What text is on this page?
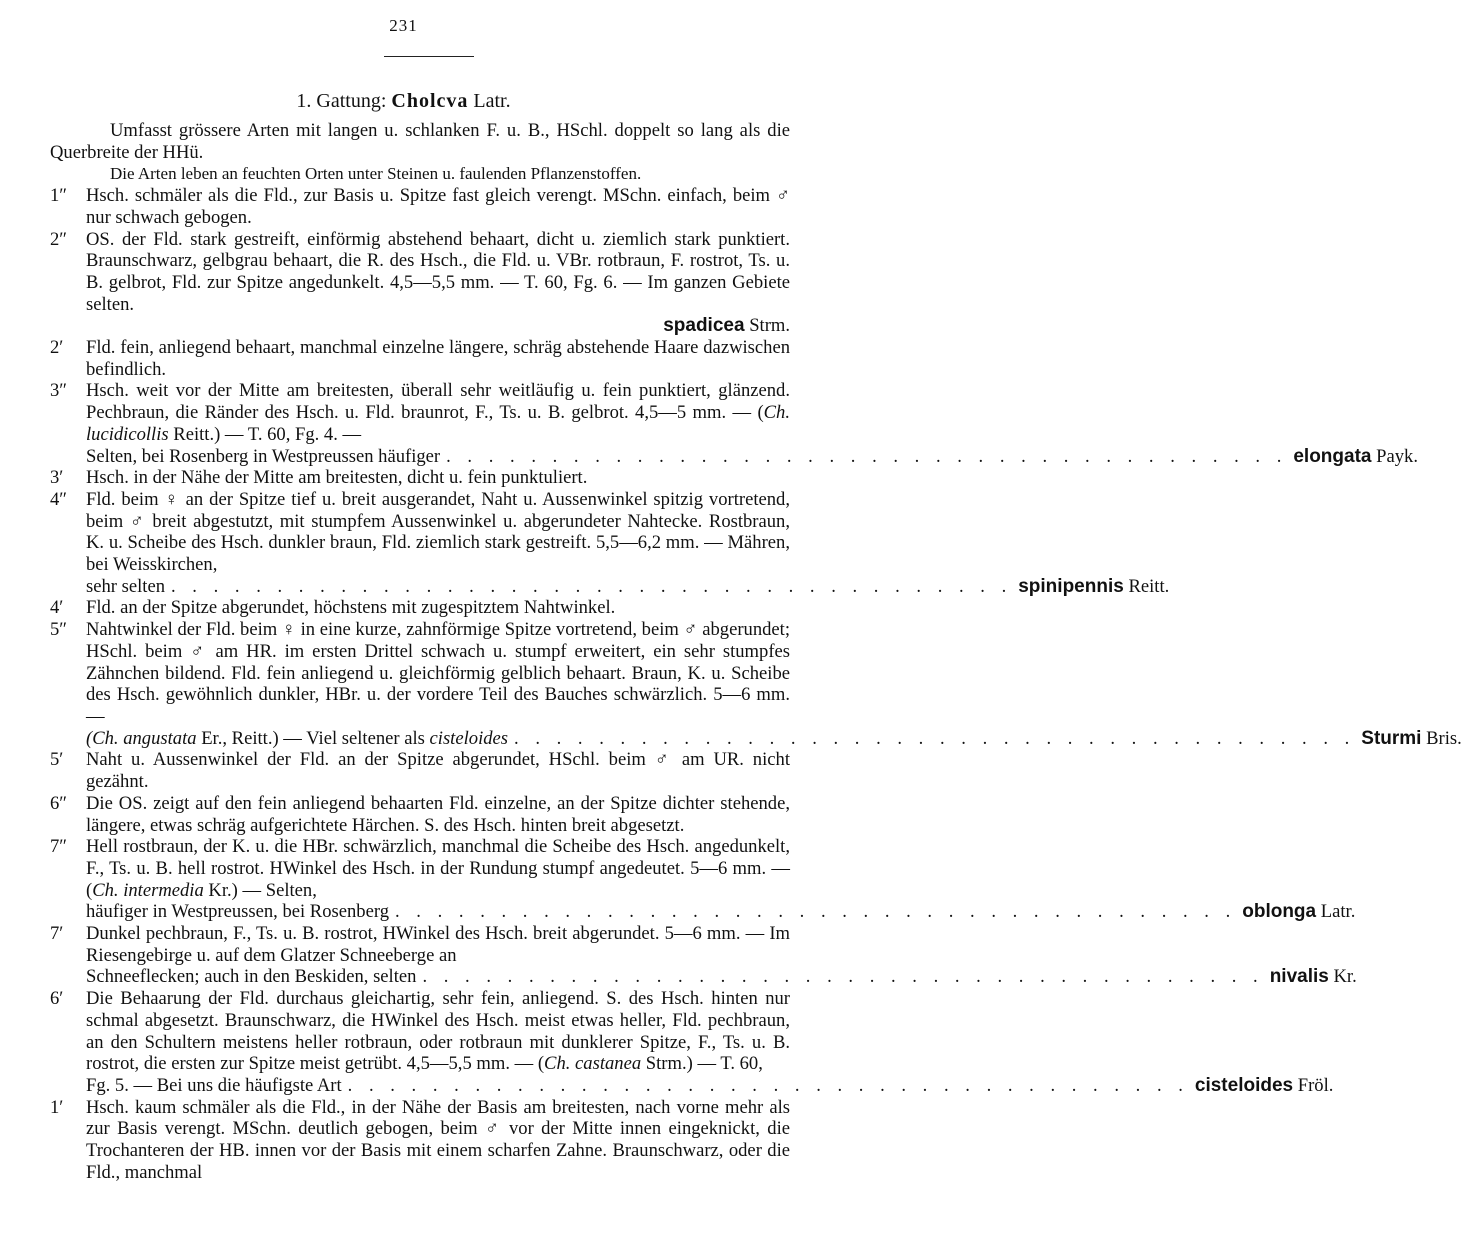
231
1. Gattung: Cholcva Latr.

Umfasst grössere Arten mit langen u. schlanken F. u. B., HSchl. doppelt so lang als die Querbreite der HHü.

Die Arten leben an feuchten Orten unter Steinen u. faulenden Pflanzenstoffen.

1″	Hsch. schmäler als die Fld., zur Basis u. Spitze fast gleich verengt. MSchn. einfach, beim ♂ nur schwach gebogen.
2″	OS. der Fld. stark gestreift, einförmig abstehend behaart, dicht u. ziemlich stark punktiert. Braunschwarz, gelbgrau behaart, die R. des Hsch., die Fld. u. VBr. rotbraun, F. rostrot, Ts. u. B. gelbrot, Fld. zur Spitze angedunkelt. 4,5—5,5 mm. — T. 60, Fg. 6. — Im ganzen Gebiete selten.
spadicea Strm.
2′	Fld. fein, anliegend behaart, manchmal einzelne längere, schräg abstehende Haare dazwischen befindlich.
3″	Hsch. weit vor der Mitte am breitesten, überall sehr weitläufig u. fein punktiert, glänzend. Pechbraun, die Ränder des Hsch. u. Fld. braunrot, F., Ts. u. B. gelbrot. 4,5—5 mm. — (Ch. lucidicollis Reitt.) — T. 60, Fg. 4. —
Selten, bei Rosenberg in Westpreussen häufiger . . . . . . . . . . . . . . . . . . . . . . . . . . . . . . . . . . . . . . . . elongata Payk.
3′	Hsch. in der Nähe der Mitte am breitesten, dicht u. fein punktuliert.
4″	Fld. beim ♀ an der Spitze tief u. breit ausgerandet, Naht u. Aussenwinkel spitzig vortretend, beim ♂ breit abgestutzt, mit stumpfem Aussenwinkel u. abgerundeter Nahtecke. Rostbraun, K. u. Scheibe des Hsch. dunkler braun, Fld. ziemlich stark gestreift. 5,5—6,2 mm. — Mähren, bei Weisskirchen,
sehr selten . . . . . . . . . . . . . . . . . . . . . . . . . . . . . . . . . . . . . . . . spinipennis Reitt.
4′	Fld. an der Spitze abgerundet, höchstens mit zugespitztem Nahtwinkel.
5″	Nahtwinkel der Fld. beim ♀ in eine kurze, zahnförmige Spitze vortretend, beim ♂ abgerundet; HSchl. beim ♂ am HR. im ersten Drittel schwach u. stumpf erweitert, ein sehr stumpfes Zähnchen bildend. Fld. fein anliegend u. gleichförmig gelblich behaart. Braun, K. u. Scheibe des Hsch. gewöhnlich dunkler, HBr. u. der vordere Teil des Bauches schwärzlich. 5—6 mm. —
(Ch. angustata Er., Reitt.) — Viel seltener als cisteloides . . . . . . . . . . . . . . . . . . . . . . . . . . . . . . . . . . . . . . . . Sturmi Bris.
5′	Naht u. Aussenwinkel der Fld. an der Spitze abgerundet, HSchl. beim ♂ am UR. nicht gezähnt.
6″	Die OS. zeigt auf den fein anliegend behaarten Fld. einzelne, an der Spitze dichter stehende, längere, etwas schräg aufgerichtete Härchen. S. des Hsch. hinten breit abgesetzt.
7″	Hell rostbraun, der K. u. die HBr. schwärzlich, manchmal die Scheibe des Hsch. angedunkelt, F., Ts. u. B. hell rostrot. HWinkel des Hsch. in der Rundung stumpf angedeutet. 5—6 mm. — (Ch. intermedia Kr.) — Selten,
häufiger in Westpreussen, bei Rosenberg . . . . . . . . . . . . . . . . . . . . . . . . . . . . . . . . . . . . . . . . oblonga Latr.
7′	Dunkel pechbraun, F., Ts. u. B. rostrot, HWinkel des Hsch. breit abgerundet. 5—6 mm. — Im Riesengebirge u. auf dem Glatzer Schneeberge an
Schneeflecken; auch in den Beskiden, selten . . . . . . . . . . . . . . . . . . . . . . . . . . . . . . . . . . . . . . . . nivalis Kr.
6′	Die Behaarung der Fld. durchaus gleichartig, sehr fein, anliegend. S. des Hsch. hinten nur schmal abgesetzt. Braunschwarz, die HWinkel des Hsch. meist etwas heller, Fld. pechbraun, an den Schultern meistens heller rotbraun, oder rotbraun mit dunklerer Spitze, F., Ts. u. B. rostrot, die ersten zur Spitze meist getrübt. 4,5—5,5 mm. — (Ch. castanea Strm.) — T. 60,
Fg. 5. — Bei uns die häufigste Art . . . . . . . . . . . . . . . . . . . . . . . . . . . . . . . . . . . . . . . . cisteloides Fröl.
1′	Hsch. kaum schmäler als die Fld., in der Nähe der Basis am breitesten, nach vorne mehr als zur Basis verengt. MSchn. deutlich gebogen, beim ♂ vor der Mitte innen eingeknickt, die Trochanteren der HB. innen vor der Basis mit einem scharfen Zahne. Braunschwarz, oder die Fld., manchmal
